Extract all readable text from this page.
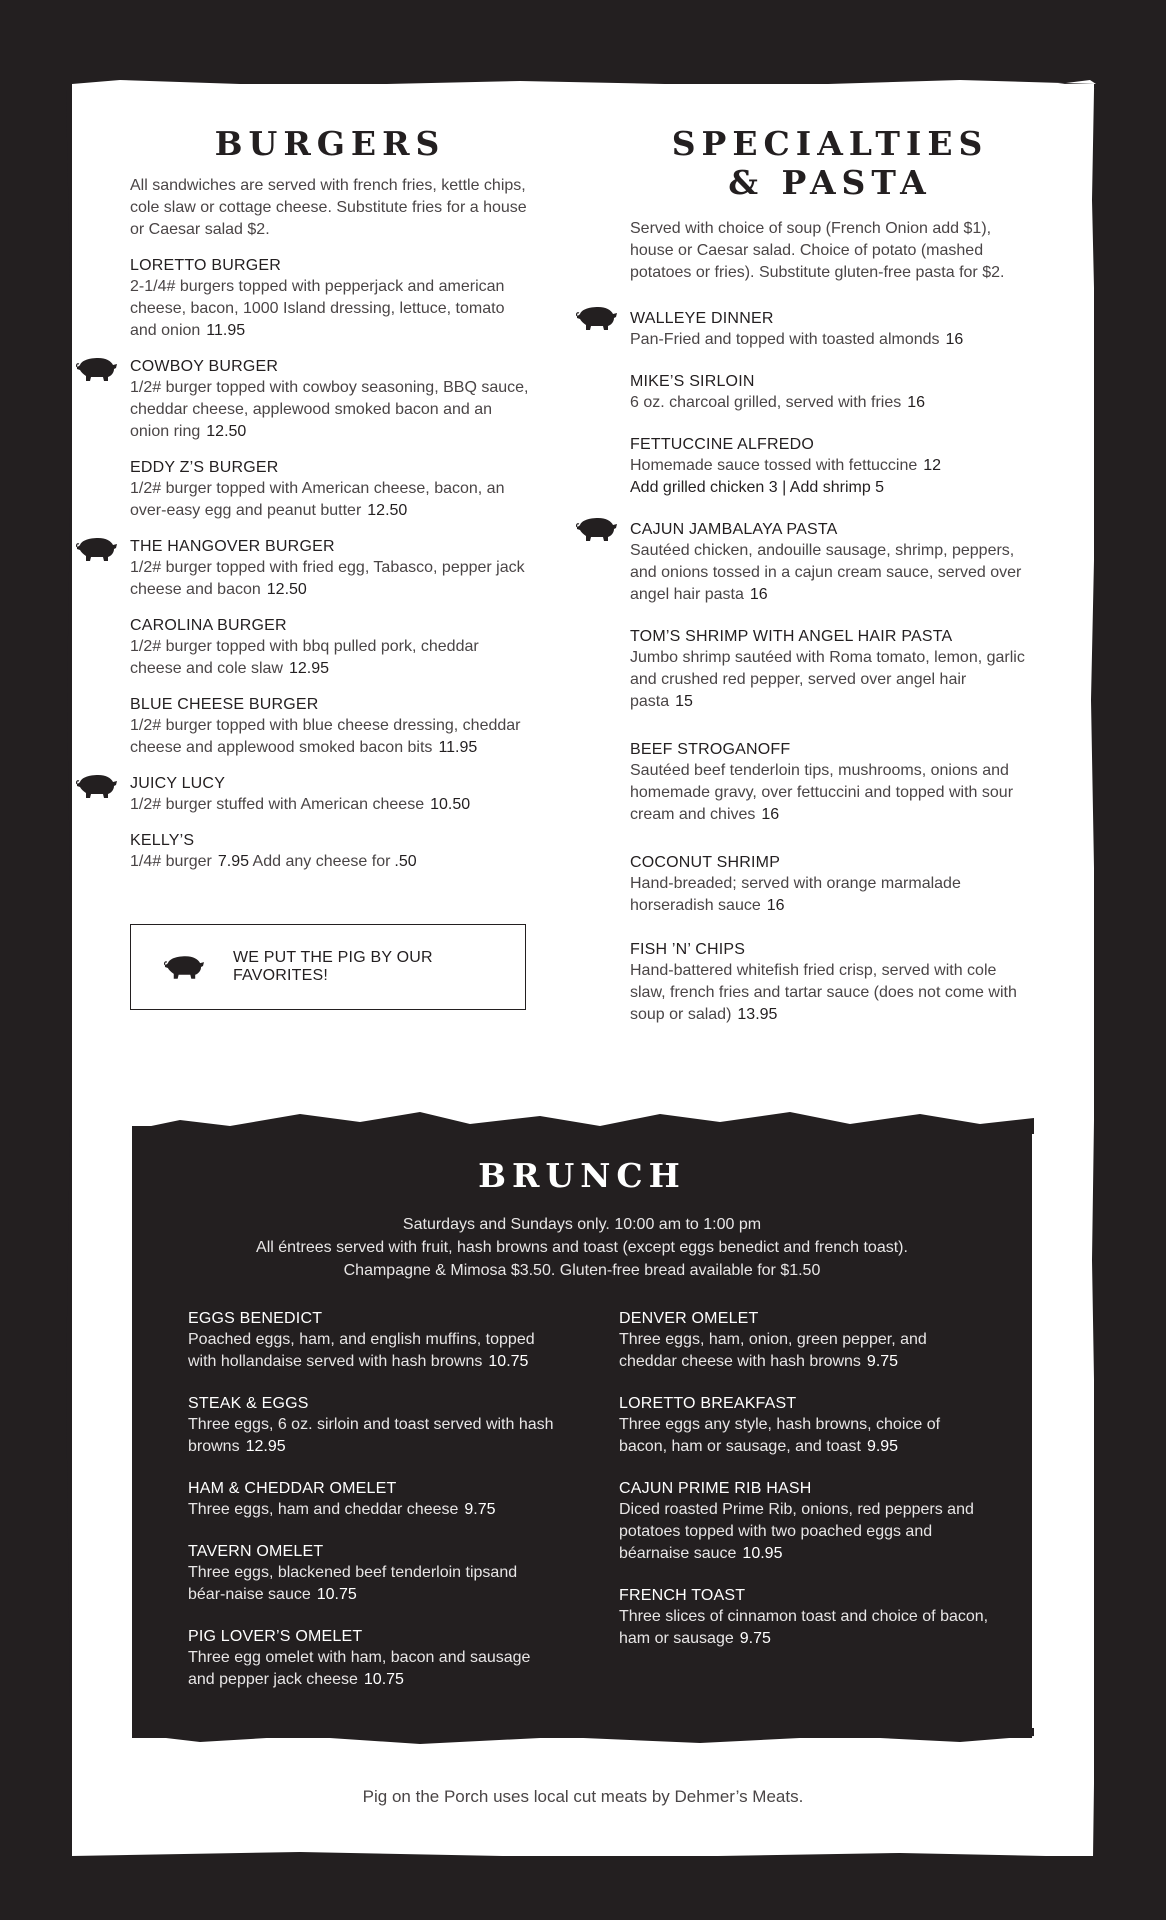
BURGERS

All sandwiches are served with french fries, kettle chips, cole slaw or cottage cheese. Substitute fries for a house or Caesar salad $2.

LORETTO BURGER
2-1/4# burgers topped with pepperjack and american cheese, bacon, 1000 Island dressing, lettuce, tomato and onion 11.95
COWBOY BURGER
1/2# burger topped with cowboy seasoning, BBQ sauce, cheddar cheese, applewood smoked bacon and an onion ring 12.50
EDDY Z’S BURGER
1/2# burger topped with American cheese, bacon, an over-easy egg and peanut butter 12.50
THE HANGOVER BURGER
1/2# burger topped with fried egg, Tabasco, pepper jack cheese and bacon 12.50
CAROLINA BURGER
1/2# burger topped with bbq pulled pork, cheddar cheese and cole slaw 12.95
BLUE CHEESE BURGER
1/2# burger topped with blue cheese dressing, cheddar cheese and applewood smoked bacon bits 11.95
JUICY LUCY
1/2# burger stuffed with American cheese 10.50
KELLY’S
1/4# burger 7.95 Add any cheese for .50
WE PUT THE PIG BY OUR FAVORITES!
SPECIALTIES
& PASTA

Served with choice of soup (French Onion add $1), house or Caesar salad. Choice of potato (mashed potatoes or fries). Substitute gluten-free pasta for $2.

WALLEYE DINNER
Pan-Fried and topped with toasted almonds 16
MIKE’S SIRLOIN
6 oz. charcoal grilled, served with fries 16
FETTUCCINE ALFREDO
Homemade sauce tossed with fettuccine 12
Add grilled chicken 3 | Add shrimp 5
CAJUN JAMBALAYA PASTA
Sautéed chicken, andouille sausage, shrimp, peppers, and onions tossed in a cajun cream sauce, served over angel hair pasta 16
TOM’S SHRIMP WITH ANGEL HAIR PASTA
Jumbo shrimp sautéed with Roma tomato, lemon, garlic and crushed red pepper, served over angel hair pasta 15
BEEF STROGANOFF
Sautéed beef tenderloin tips, mushrooms, onions and homemade gravy, over fettuccini and topped with sour cream and chives 16
COCONUT SHRIMP
Hand-breaded; served with orange marmalade horseradish sauce 16
FISH ’N’ CHIPS
Hand-battered whitefish fried crisp, served with cole slaw, french fries and tartar sauce (does not come with soup or salad) 13.95
BRUNCH
Saturdays and Sundays only. 10:00 am to 1:00 pm
All éntrees served with fruit, hash browns and toast (except eggs benedict and french toast).
Champagne & Mimosa $3.50. Gluten-free bread available for $1.50
EGGS BENEDICT
Poached eggs, ham, and english muffins, topped with hollandaise served with hash browns 10.75
STEAK & EGGS
Three eggs, 6 oz. sirloin and toast served with hash browns 12.95
HAM & CHEDDAR OMELET
Three eggs, ham and cheddar cheese 9.75
TAVERN OMELET
Three eggs, blackened beef tenderloin tipsand béar-naise sauce 10.75
PIG LOVER’S OMELET
Three egg omelet with ham, bacon and sausage and pepper jack cheese 10.75
DENVER OMELET
Three eggs, ham, onion, green pepper, and cheddar cheese with hash browns 9.75
LORETTO BREAKFAST
Three eggs any style, hash browns, choice of bacon, ham or sausage, and toast 9.95
CAJUN PRIME RIB HASH
Diced roasted Prime Rib, onions, red peppers and potatoes topped with two poached eggs and béarnaise sauce 10.95
FRENCH TOAST
Three slices of cinnamon toast and choice of bacon, ham or sausage 9.75
Pig on the Porch uses local cut meats by Dehmer’s Meats.
